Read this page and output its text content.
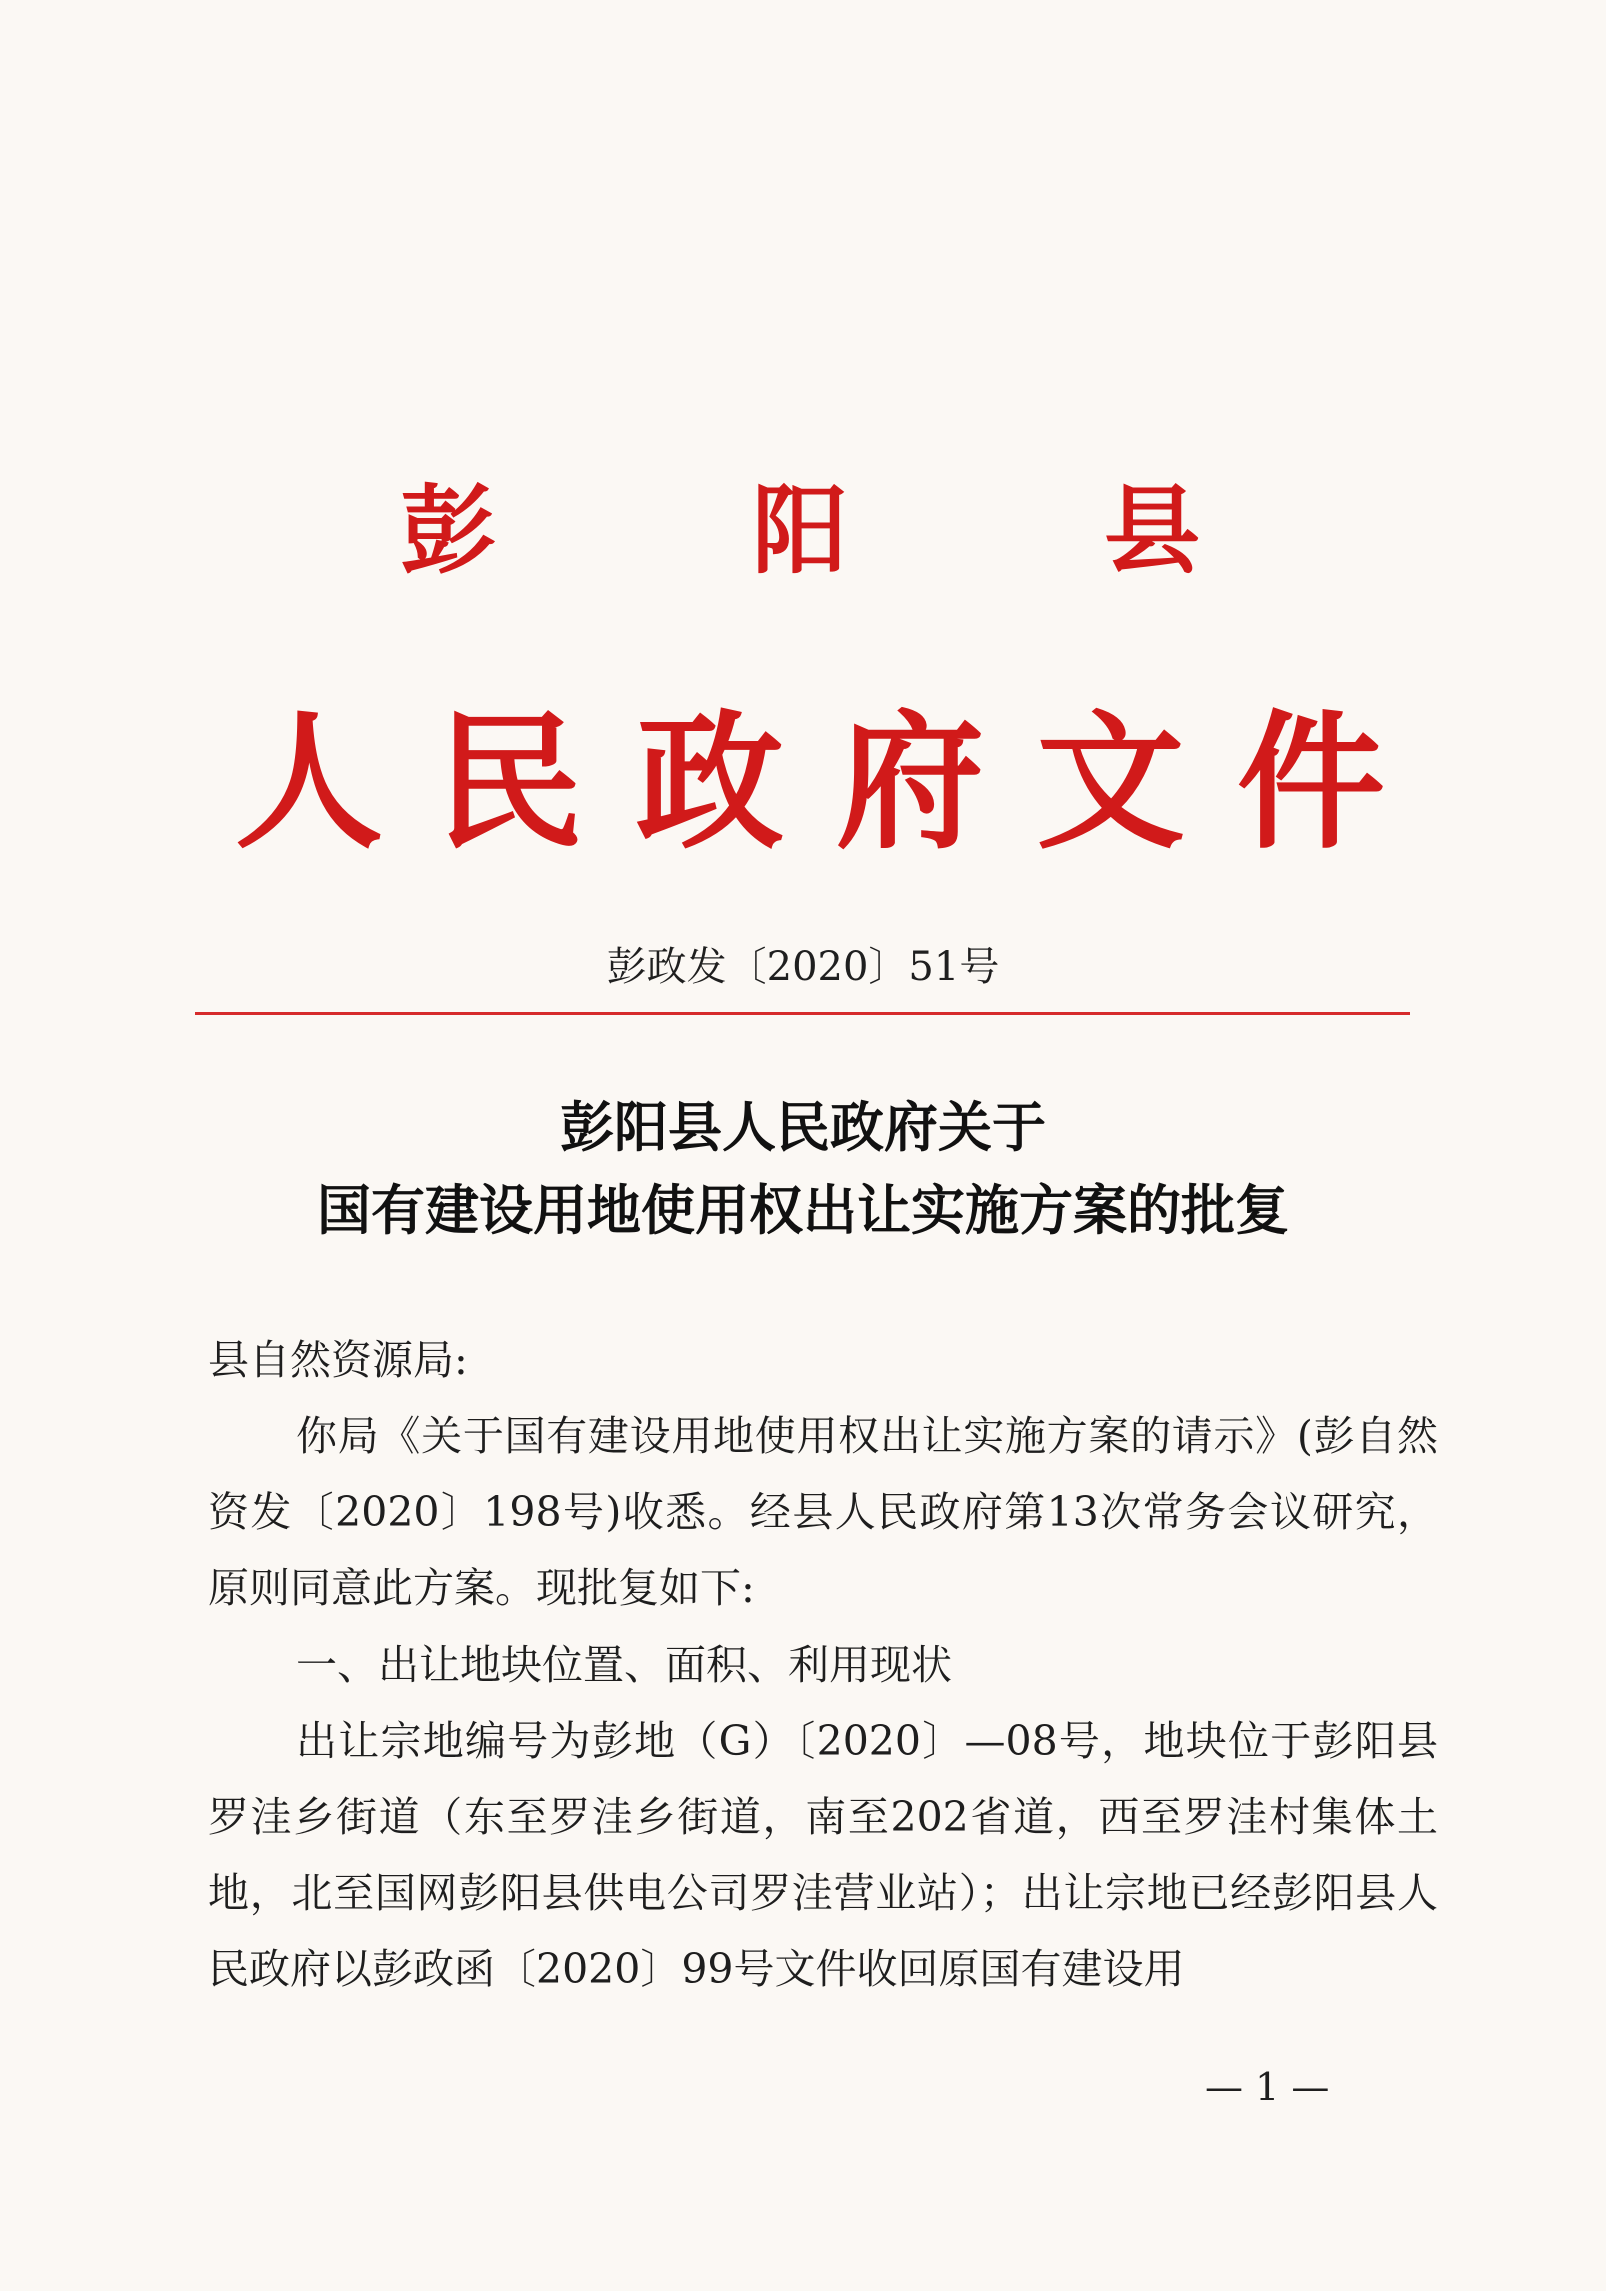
彭	阳	县
人 民 政 府 文 件
彭政发〔2020〕51号
彭阳县人民政府关于
国有建设用地使用权出让实施方案的批复
县自然资源局:
你局《关于国有建设用地使用权出让实施方案的请示》(彭自然资发〔2020〕198号)收悉。经县人民政府第13次常务会议研究，原则同意此方案。现批复如下:
一、出让地块位置、面积、利用现状
出让宗地编号为彭地（G）〔2020〕—08号，地块位于彭阳县罗洼乡街道（东至罗洼乡街道，南至202省道，西至罗洼村集体土地，北至国网彭阳县供电公司罗洼营业站）；出让宗地已经彭阳县人民政府以彭政函〔2020〕99号文件收回原国有建设用
— 1 —
